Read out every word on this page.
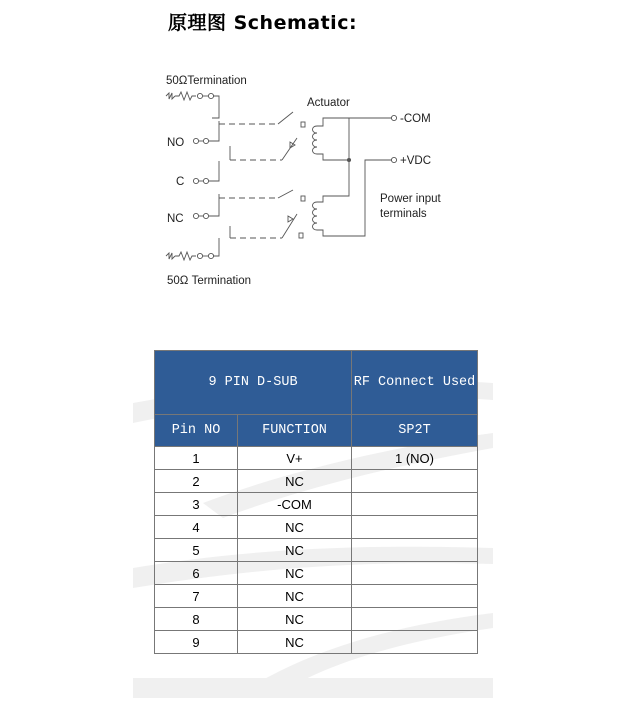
原理图 Schematic:
50ΩTermination
Actuator
NO
C
NC
50Ω Termination
-COM
+VDC
Power input
terminals
9 PIN D-SUB		RF Connect Used
Pin NO	FUNCTION	SP2T
1	V+	1 (NO)
2	NC	
3	-COM	
4	NC	
5	NC	
6	NC	
7	NC	
8	NC	
9	NC	
